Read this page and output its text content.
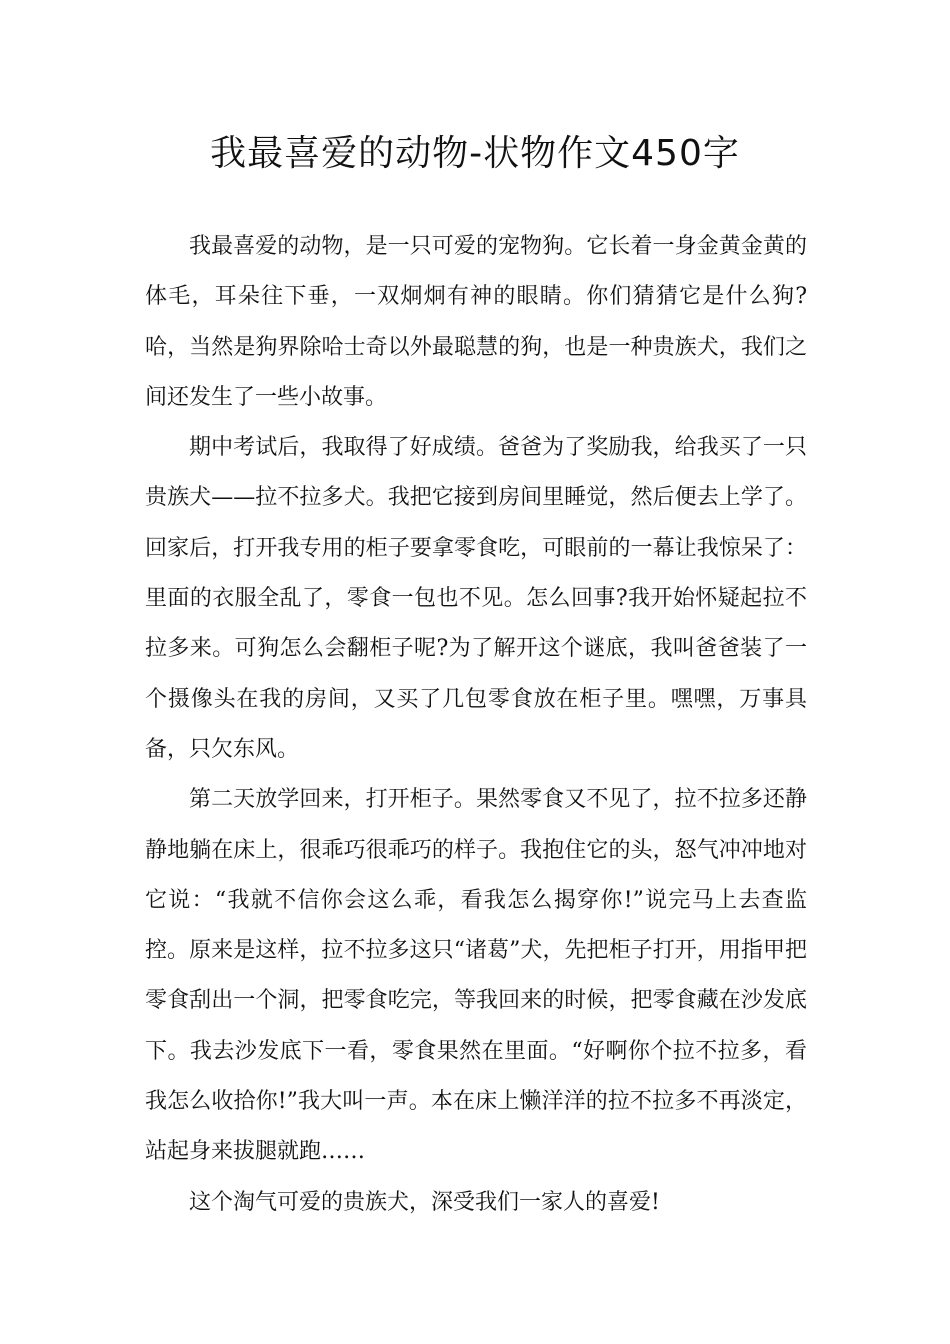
我最喜爱的动物-状物作文450字

我最喜爱的动物，是一只可爱的宠物狗。它长着一身金黄金黄的体毛，耳朵往下垂，一双炯炯有神的眼睛。你们猜猜它是什么狗?哈，当然是狗界除哈士奇以外最聪慧的狗，也是一种贵族犬，我们之间还发生了一些小故事。

期中考试后，我取得了好成绩。爸爸为了奖励我，给我买了一只贵族犬——拉不拉多犬。我把它接到房间里睡觉，然后便去上学了。回家后，打开我专用的柜子要拿零食吃，可眼前的一幕让我惊呆了：里面的衣服全乱了，零食一包也不见。怎么回事?我开始怀疑起拉不拉多来。可狗怎么会翻柜子呢?为了解开这个谜底，我叫爸爸装了一个摄像头在我的房间，又买了几包零食放在柜子里。嘿嘿，万事具备，只欠东风。

第二天放学回来，打开柜子。果然零食又不见了，拉不拉多还静静地躺在床上，很乖巧很乖巧的样子。我抱住它的头，怒气冲冲地对它说：“我就不信你会这么乖，看我怎么揭穿你!”说完马上去查监控。原来是这样，拉不拉多这只“诸葛”犬，先把柜子打开，用指甲把零食刮出一个洞，把零食吃完，等我回来的时候，把零食藏在沙发底下。我去沙发底下一看，零食果然在里面。“好啊你个拉不拉多，看我怎么收拾你!”我大叫一声。本在床上懒洋洋的拉不拉多不再淡定，站起身来拔腿就跑……

这个淘气可爱的贵族犬，深受我们一家人的喜爱!
